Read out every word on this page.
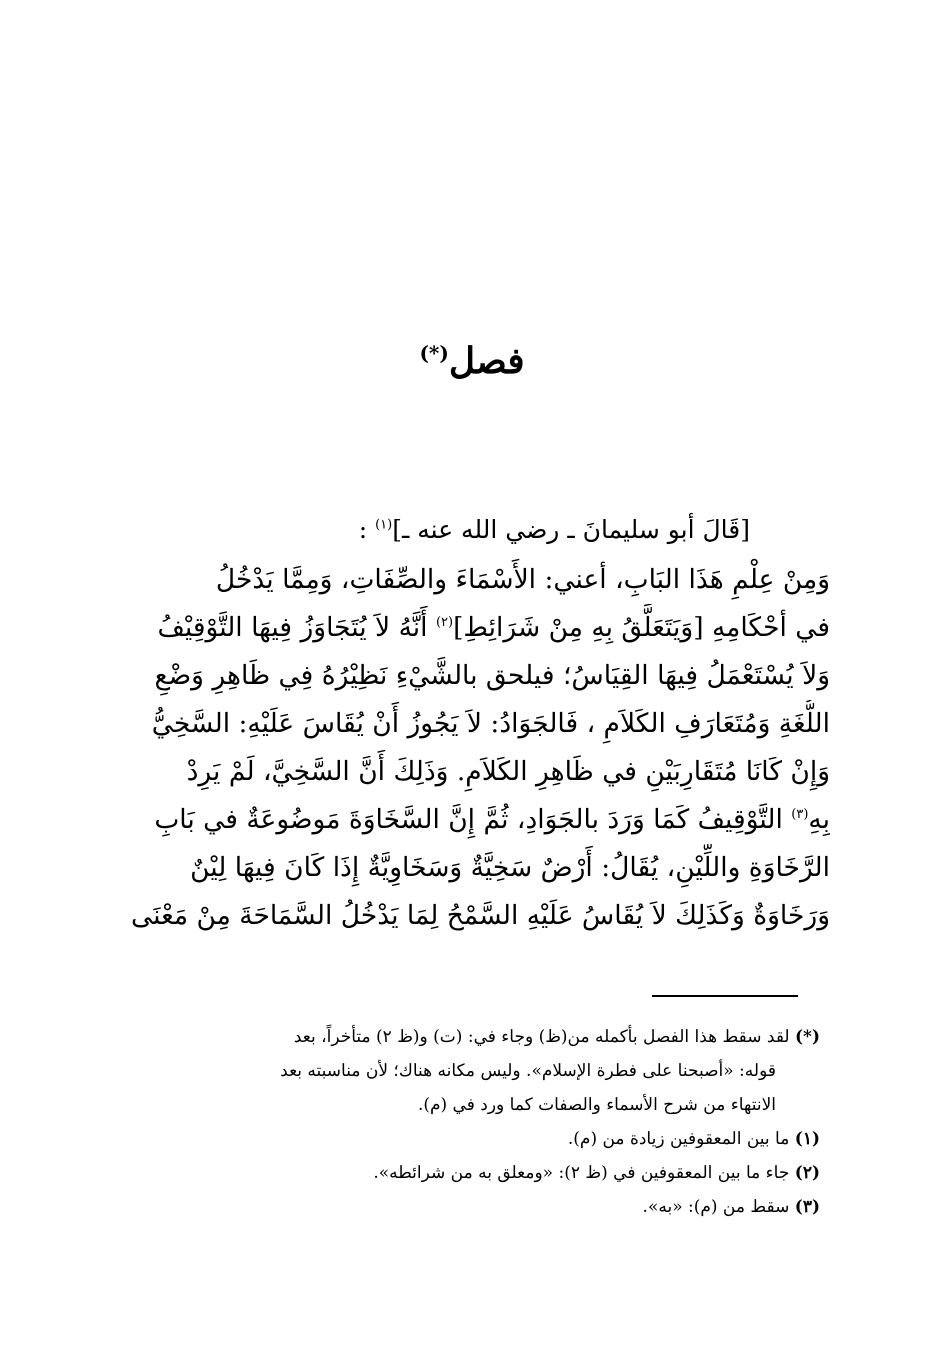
فصل(*)
[قَالَ أبو سليمانَ ـ رضي الله عنه ـ]$^{(١)}$ :

وَمِنْ عِلْمِ هَذَا البَابِ، أعني: الأَسْمَاءَ والصِّفَاتِ، وَمِمَّا يَدْخُلُ

في أحْكَامِهِ [وَيَتَعَلَّقُ بِهِ مِنْ شَرَائِطِ]$^{(٢)}$ أَنَّهُ لاَ يُتَجَاوَزُ فِيهَا التَّوْقِيْفُ

وَلاَ يُسْتَعْمَلُ فِيهَا القِيَاسُ؛ فيلحق بالشَّيْءِ نَظِيْرُهُ فِي ظَاهِرِ وَضْعِ

اللُّغَةِ وَمُتَعَارَفِ الكَلاَمِ ، فَالجَوَادُ: لاَ يَجُوزُ أَنْ يُقَاسَ عَلَيْهِ: السَّخِيُّ

وَإِنْ كَانَا مُتَقَارِبَيْنِ في ظَاهِرِ الكَلاَمِ. وَذَلِكَ أَنَّ السَّخِيَّ، لَمْ يَرِدْ

بِهِ$^{(٣)}$ التَّوْقِيفُ كَمَا وَرَدَ بالجَوَادِ، ثُمَّ إِنَّ السَّخَاوَةَ مَوضُوعَةٌ في بَابِ

الرَّخَاوَةِ واللِّيْنِ، يُقَالُ: أَرْضٌ سَخِيَّةٌ وَسَخَاوِيَّةٌ إِذَا كَانَ فِيهَا لِيْنٌ

وَرَخَاوَةٌ وَكَذَلِكَ لاَ يُقَاسُ عَلَيْهِ السَّمْحُ لِمَا يَدْخُلُ السَّمَاحَةَ مِنْ مَعْنَى

(*) لقد سقط هذا الفصل بأكمله من(ظ) وجاء في: (ت) و(ظ ٢) متأخراً، بعد
قوله: «أصبحنا على فطرة الإسلام». وليس مكانه هناك؛ لأن مناسبته بعد
الانتهاء من شرح الأسماء والصفات كما ورد في (م).
(١) ما بين المعقوفين زيادة من (م).
(٢) جاء ما بين المعقوفين في (ظ ٢): «ومعلق به من شرائطه».
(٣) سقط من (م): «به».
